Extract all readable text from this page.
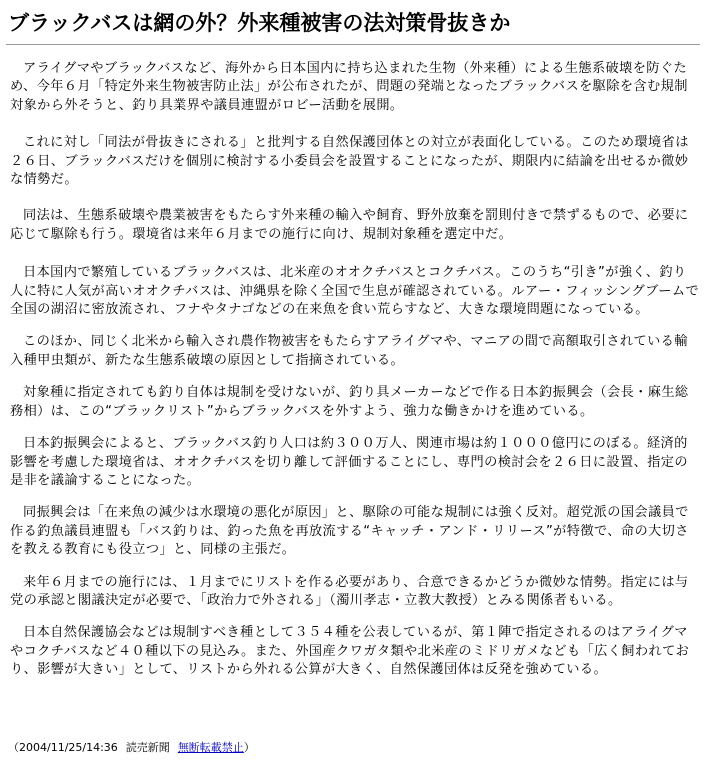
ブラックバスは網の外？外来種被害の法対策骨抜きか

アライグマやブラックバスなど、海外から日本国内に持ち込まれた生物（外来種）による生態系破壊を防ぐため、今年６月「特定外来生物被害防止法」が公布されたが、問題の発端となったブラックバスを駆除を含む規制対象から外そうと、釣り具業界や議員連盟がロビー活動を展開。

これに対し「同法が骨抜きにされる」と批判する自然保護団体との対立が表面化している。このため環境省は２６日、ブラックバスだけを個別に検討する小委員会を設置することになったが、期限内に結論を出せるか微妙な情勢だ。

同法は、生態系破壊や農業被害をもたらす外来種の輸入や飼育、野外放棄を罰則付きで禁ずるもので、必要に応じて駆除も行う。環境省は来年６月までの施行に向け、規制対象種を選定中だ。

日本国内で繁殖しているブラックバスは、北米産のオオクチバスとコクチバス。このうち“引き”が強く、釣り人に特に人気が高いオオクチバスは、沖縄県を除く全国で生息が確認されている。ルアー・フィッシングブームで全国の湖沼に密放流され、フナやタナゴなどの在来魚を食い荒らすなど、大きな環境問題になっている。

このほか、同じく北米から輸入され農作物被害をもたらすアライグマや、マニアの間で高額取引されている輸入種甲虫類が、新たな生態系破壊の原因として指摘されている。

対象種に指定されても釣り自体は規制を受けないが、釣り具メーカーなどで作る日本釣振興会（会長・麻生総務相）は、この“ブラックリスト”からブラックバスを外すよう、強力な働きかけを進めている。

日本釣振興会によると、ブラックバス釣り人口は約３００万人、関連市場は約１０００億円にのぼる。経済的影響を考慮した環境省は、オオクチバスを切り離して評価することにし、専門の検討会を２６日に設置、指定の是非を議論することになった。

同振興会は「在来魚の減少は水環境の悪化が原因」と、駆除の可能な規制には強く反対。超党派の国会議員で作る釣魚議員連盟も「バス釣りは、釣った魚を再放流する“キャッチ・アンド・リリース”が特徴で、命の大切さを教える教育にも役立つ」と、同様の主張だ。

来年６月までの施行には、１月までにリストを作る必要があり、合意できるかどうか微妙な情勢。指定には与党の承認と閣議決定が必要で、「政治力で外される」（濁川孝志・立教大教授）とみる関係者もいる。

日本自然保護協会などは規制すべき種として３５４種を公表しているが、第１陣で指定されるのはアライグマやコクチバスなど４０種以下の見込み。また、外国産クワガタ類や北米産のミドリガメなども「広く飼われており、影響が大きい」として、リストから外れる公算が大きく、自然保護団体は反発を強めている。

（2004/11/25/14:36 読売新聞 無断転載禁止）
